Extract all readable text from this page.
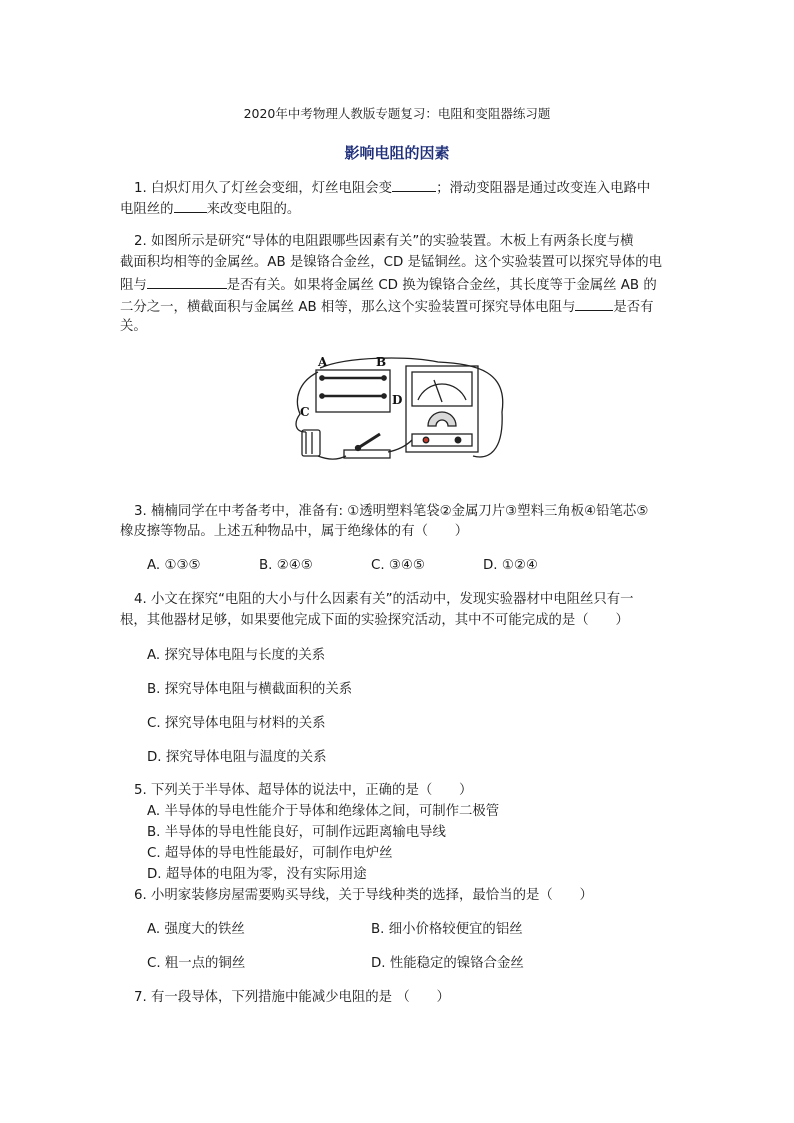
2020年中考物理人教版专题复习：电阻和变阻器练习题
影响电阻的因素
1. 白炽灯用久了灯丝会变细，灯丝电阻会变	；滑动变阻器是通过改变连入电路中
电阻丝的 来改变电阻的。
2. 如图所示是研究“导体的电阻跟哪些因素有关”的实验装置。木板上有两条长度与横
截面积均相等的金属丝。AB 是镍铬合金丝，CD 是锰铜丝。这个实验装置可以探究导体的电
阻与	是否有关。如果将金属丝 CD 换为镍铬合金丝，其长度等于金属丝 AB 的
二分之一，横截面积与金属丝 AB 相等，那么这个实验装置可探究导体电阻与	是否有
关。
A	B
C
D
3. 楠楠同学在中考备考中，准备有: ①透明塑料笔袋②金属刀片③塑料三角板④铅笔芯⑤
橡皮擦等物品。上述五种物品中，属于绝缘体的有（　　）
A. ①③⑤	B. ②④⑤	C. ③④⑤	D. ①②④
4. 小文在探究“电阻的大小与什么因素有关”的活动中，发现实验器材中电阻丝只有一
根，其他器材足够，如果要他完成下面的实验探究活动，其中不可能完成的是（　　）
A. 探究导体电阻与长度的关系
B. 探究导体电阻与横截面积的关系
C. 探究导体电阻与材料的关系
D. 探究导体电阻与温度的关系
5. 下列关于半导体、超导体的说法中，正确的是（　　）
A. 半导体的导电性能介于导体和绝缘体之间，可制作二极管
B. 半导体的导电性能良好，可制作远距离输电导线
C. 超导体的导电性能最好，可制作电炉丝
D. 超导体的电阻为零，没有实际用途
6. 小明家装修房屋需要购买导线，关于导线种类的选择，最恰当的是（　　）
A. 强度大的铁丝	B. 细小价格较便宜的铝丝
C. 粗一点的铜丝	D. 性能稳定的镍铬合金丝
7. 有一段导体，下列措施中能减少电阻的是 （　　）
